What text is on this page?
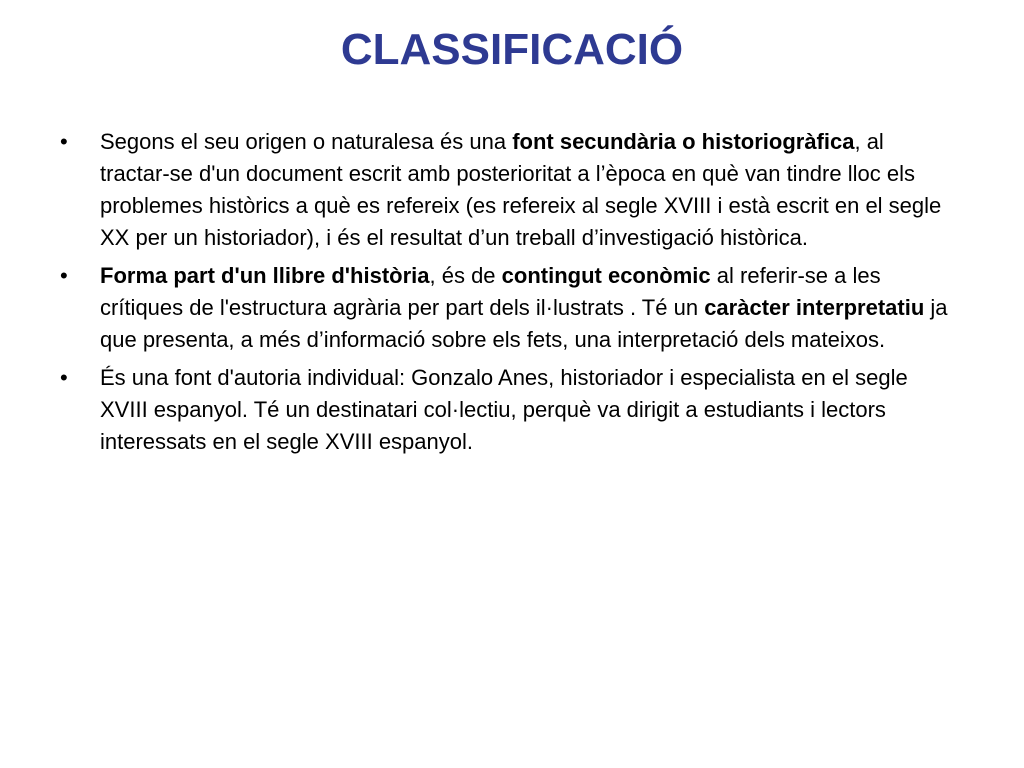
CLASSIFICACIÓ
• Segons el seu origen o naturalesa és una font secundària o historiogràfica, al tractar-se d'un document escrit amb posterioritat a l’època en què van tindre lloc els problemes històrics a què es refereix (es refereix al segle XVIII i està escrit en el segle XX per un historiador), i és el resultat d’un treball d’investigació històrica.
• Forma part d'un llibre d'història, és de contingut econòmic al referir-se a les crítiques de l'estructura agrària per part dels il·lustrats . Té un caràcter interpretatiu ja que presenta, a més d’informació sobre els fets, una interpretació dels mateixos.
• És una font d'autoria individual: Gonzalo Anes, historiador i especialista en el segle XVIII espanyol. Té un destinatari col·lectiu, perquè va dirigit a estudiants i lectors interessats en el segle XVIII espanyol.
